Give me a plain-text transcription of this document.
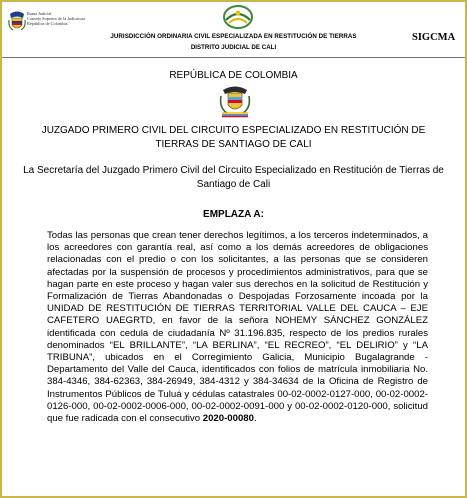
Rama Judicial
Consejo Superior de la Judicatura
República de Colombia
JURISDICCIÓN ORDINARIA CIVIL ESPECIALIZADA EN RESTITUCIÓN DE TIERRAS
DISTRITO JUDICIAL DE CALI
SIGCMA
REPÚBLICA DE COLOMBIA
JUZGADO PRIMERO CIVIL DEL CIRCUITO ESPECIALIZADO EN RESTITUCIÓN DE TIERRAS DE SANTIAGO DE CALI
La Secretaría del Juzgado Primero Civil del Circuito Especializado en Restitución de Tierras de Santiago de Cali
EMPLAZA A:
Todas las personas que crean tener derechos legítimos, a los terceros indeterminados, a los acreedores con garantía real, así como a los demás acreedores de obligaciones relacionadas con el predio o con los solicitantes, a las personas que se consideren afectadas por la suspensión de procesos y procedimientos administrativos, para que se hagan parte en este proceso y hagan valer sus derechos en la solicitud de Restitución y Formalización de Tierras Abandonadas o Despojadas Forzosamente incoada por la UNIDAD DE RESTITUCIÓN DE TIERRAS TERRITORIAL VALLE DEL CAUCA – EJE CAFETERO UAEGRTD, en favor de la señora NOHEMY SÁNCHEZ GONZÁLEZ identificada con cedula de ciudadanía Nº 31.196.835, respecto de los predios rurales denominados “EL BRILLANTE”, “LA BERLINA”, “EL RECREO”, “EL DELIRIO” y “LA TRIBUNA”, ubicados en el Corregimiento Galicia, Municipio Bugalagrande - Departamento del Valle del Cauca, identificados con folios de matrícula inmobiliaria No. 384-4346, 384-62363, 384-26949, 384-4312 y 384-34634 de la Oficina de Registro de Instrumentos Públicos de Tuluá y cédulas catastrales 00-02-0002-0127-000, 00-02-0002-0126-000, 00-02-0002-0006-000, 00-02-0002-0091-000 y 00-02-0002-0120-000, solicitud que fue radicada con el consecutivo 2020-00080.
